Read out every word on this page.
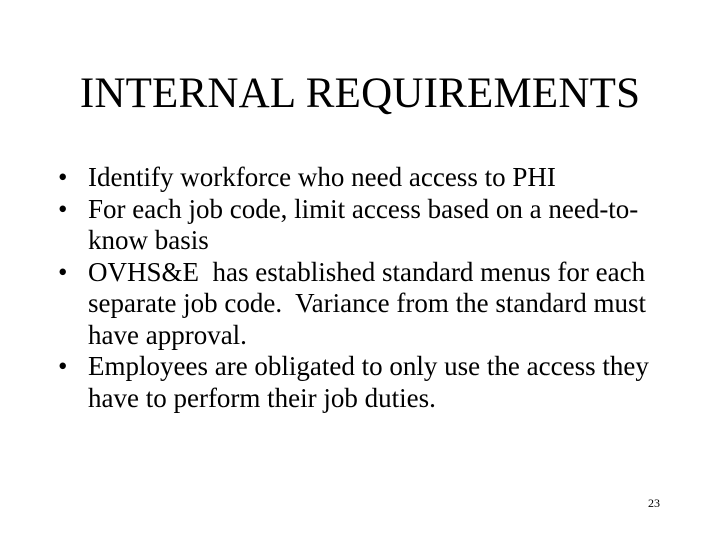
INTERNAL REQUIREMENTS
• Identify workforce who need access to PHI
• For each job code, limit access based on a need-to-know basis
• OVHS&E  has established standard menus for each separate job code.  Variance from the standard must have approval.
• Employees are obligated to only use the access they have to perform their job duties.
23
